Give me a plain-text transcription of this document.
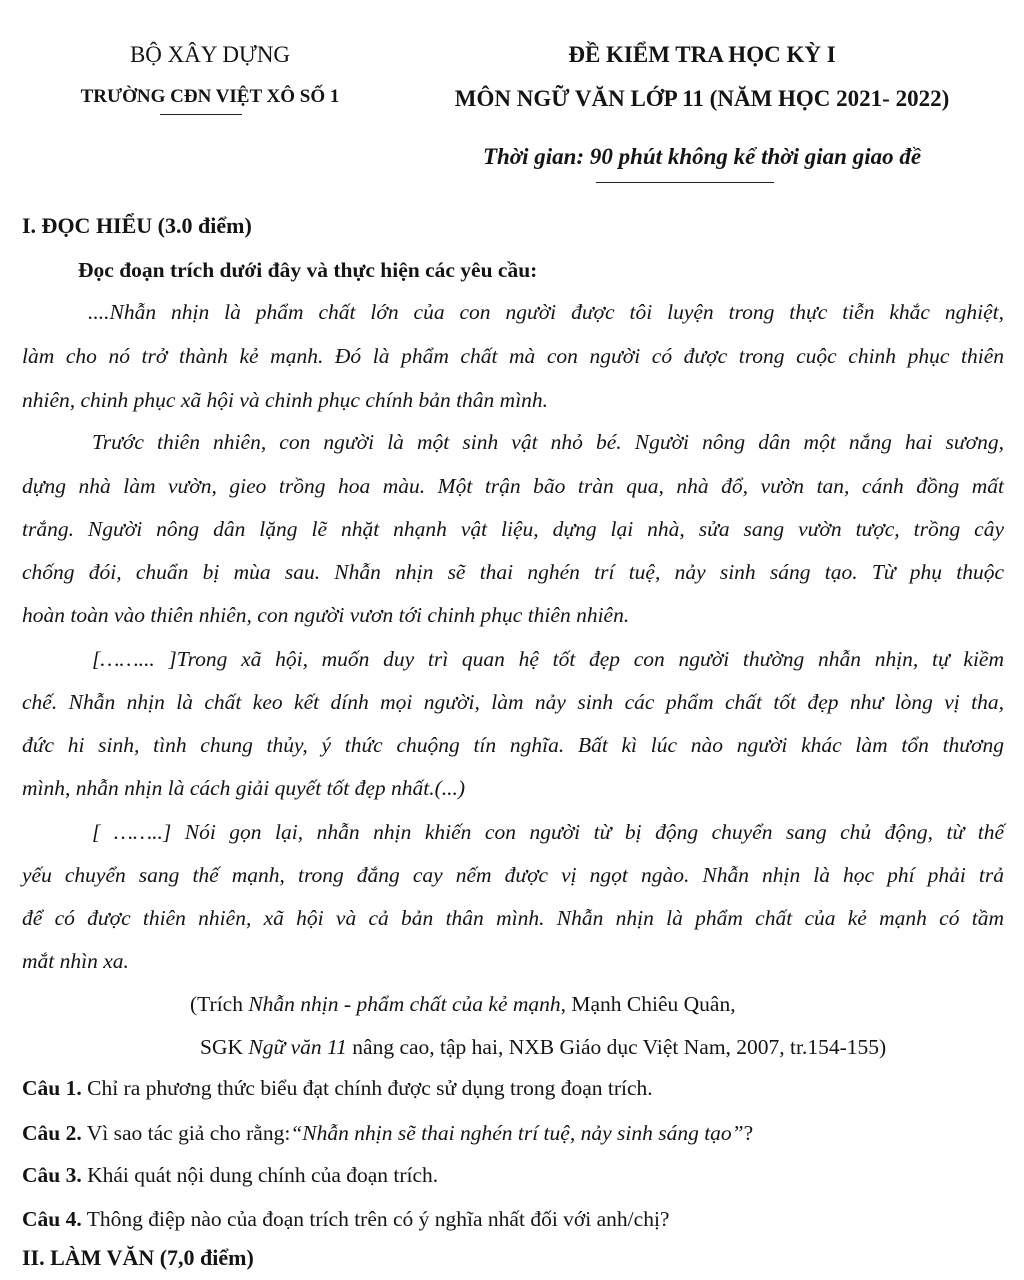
BỘ XÂY DỰNG
TRƯỜNG CĐN VIỆT XÔ SỐ 1
ĐỀ KIỂM TRA HỌC KỲ I
MÔN NGỮ VĂN LỚP 11 (NĂM HỌC 2021- 2022)
Thời gian: 90 phút không kể thời gian giao đề
I. ĐỌC HIỂU (3.0 điểm)
Đọc đoạn trích dưới đây và thực hiện các yêu cầu:
....Nhẫn nhịn là phẩm chất lớn của con người được tôi luyện trong thực tiễn khắc nghiệt,
làm cho nó trở thành kẻ mạnh. Đó là phẩm chất mà con người có được trong cuộc chinh phục thiên
nhiên, chinh phục xã hội và chinh phục chính bản thân mình.
Trước thiên nhiên, con người là một sinh vật nhỏ bé. Người nông dân một nắng hai sương,
dựng nhà làm vườn, gieo trồng hoa màu. Một trận bão tràn qua, nhà đổ, vườn tan, cánh đồng mất
trắng. Người nông dân lặng lẽ nhặt nhạnh vật liệu, dựng lại nhà, sửa sang vườn tược, trồng cây
chống đói, chuẩn bị mùa sau. Nhẫn nhịn sẽ thai nghén trí tuệ, nảy sinh sáng tạo. Từ phụ thuộc
hoàn toàn vào thiên nhiên, con người vươn tới chinh phục thiên nhiên.
[……... ]Trong xã hội, muốn duy trì quan hệ tốt đẹp con người thường nhẫn nhịn, tự kiềm
chế. Nhẫn nhịn là chất keo kết dính mọi người, làm nảy sinh các phẩm chất tốt đẹp như lòng vị tha,
đức hi sinh, tình chung thủy, ý thức chuộng tín nghĩa. Bất kì lúc nào người khác làm tổn thương
mình, nhẫn nhịn là cách giải quyết tốt đẹp nhất.(...)
[ ……..] Nói gọn lại, nhẫn nhịn khiến con người từ bị động chuyển sang chủ động, từ thế
yếu chuyển sang thế mạnh, trong đắng cay nếm được vị ngọt ngào. Nhẫn nhịn là học phí phải trả
để có được thiên nhiên, xã hội và cả bản thân mình. Nhẫn nhịn là phẩm chất của kẻ mạnh có tầm
mắt nhìn xa.
(Trích Nhẫn nhịn - phẩm chất của kẻ mạnh, Mạnh Chiêu Quân,
SGK Ngữ văn 11 nâng cao, tập hai, NXB Giáo dục Việt Nam, 2007, tr.154-155)
Câu 1. Chỉ ra phương thức biểu đạt chính được sử dụng trong đoạn trích.
Câu 2. Vì sao tác giả cho rằng:“Nhẫn nhịn sẽ thai nghén trí tuệ, nảy sinh sáng tạo”?
Câu 3. Khái quát nội dung chính của đoạn trích.
Câu 4. Thông điệp nào của đoạn trích trên có ý nghĩa nhất đối với anh/chị?
II. LÀM VĂN (7,0 điểm)
